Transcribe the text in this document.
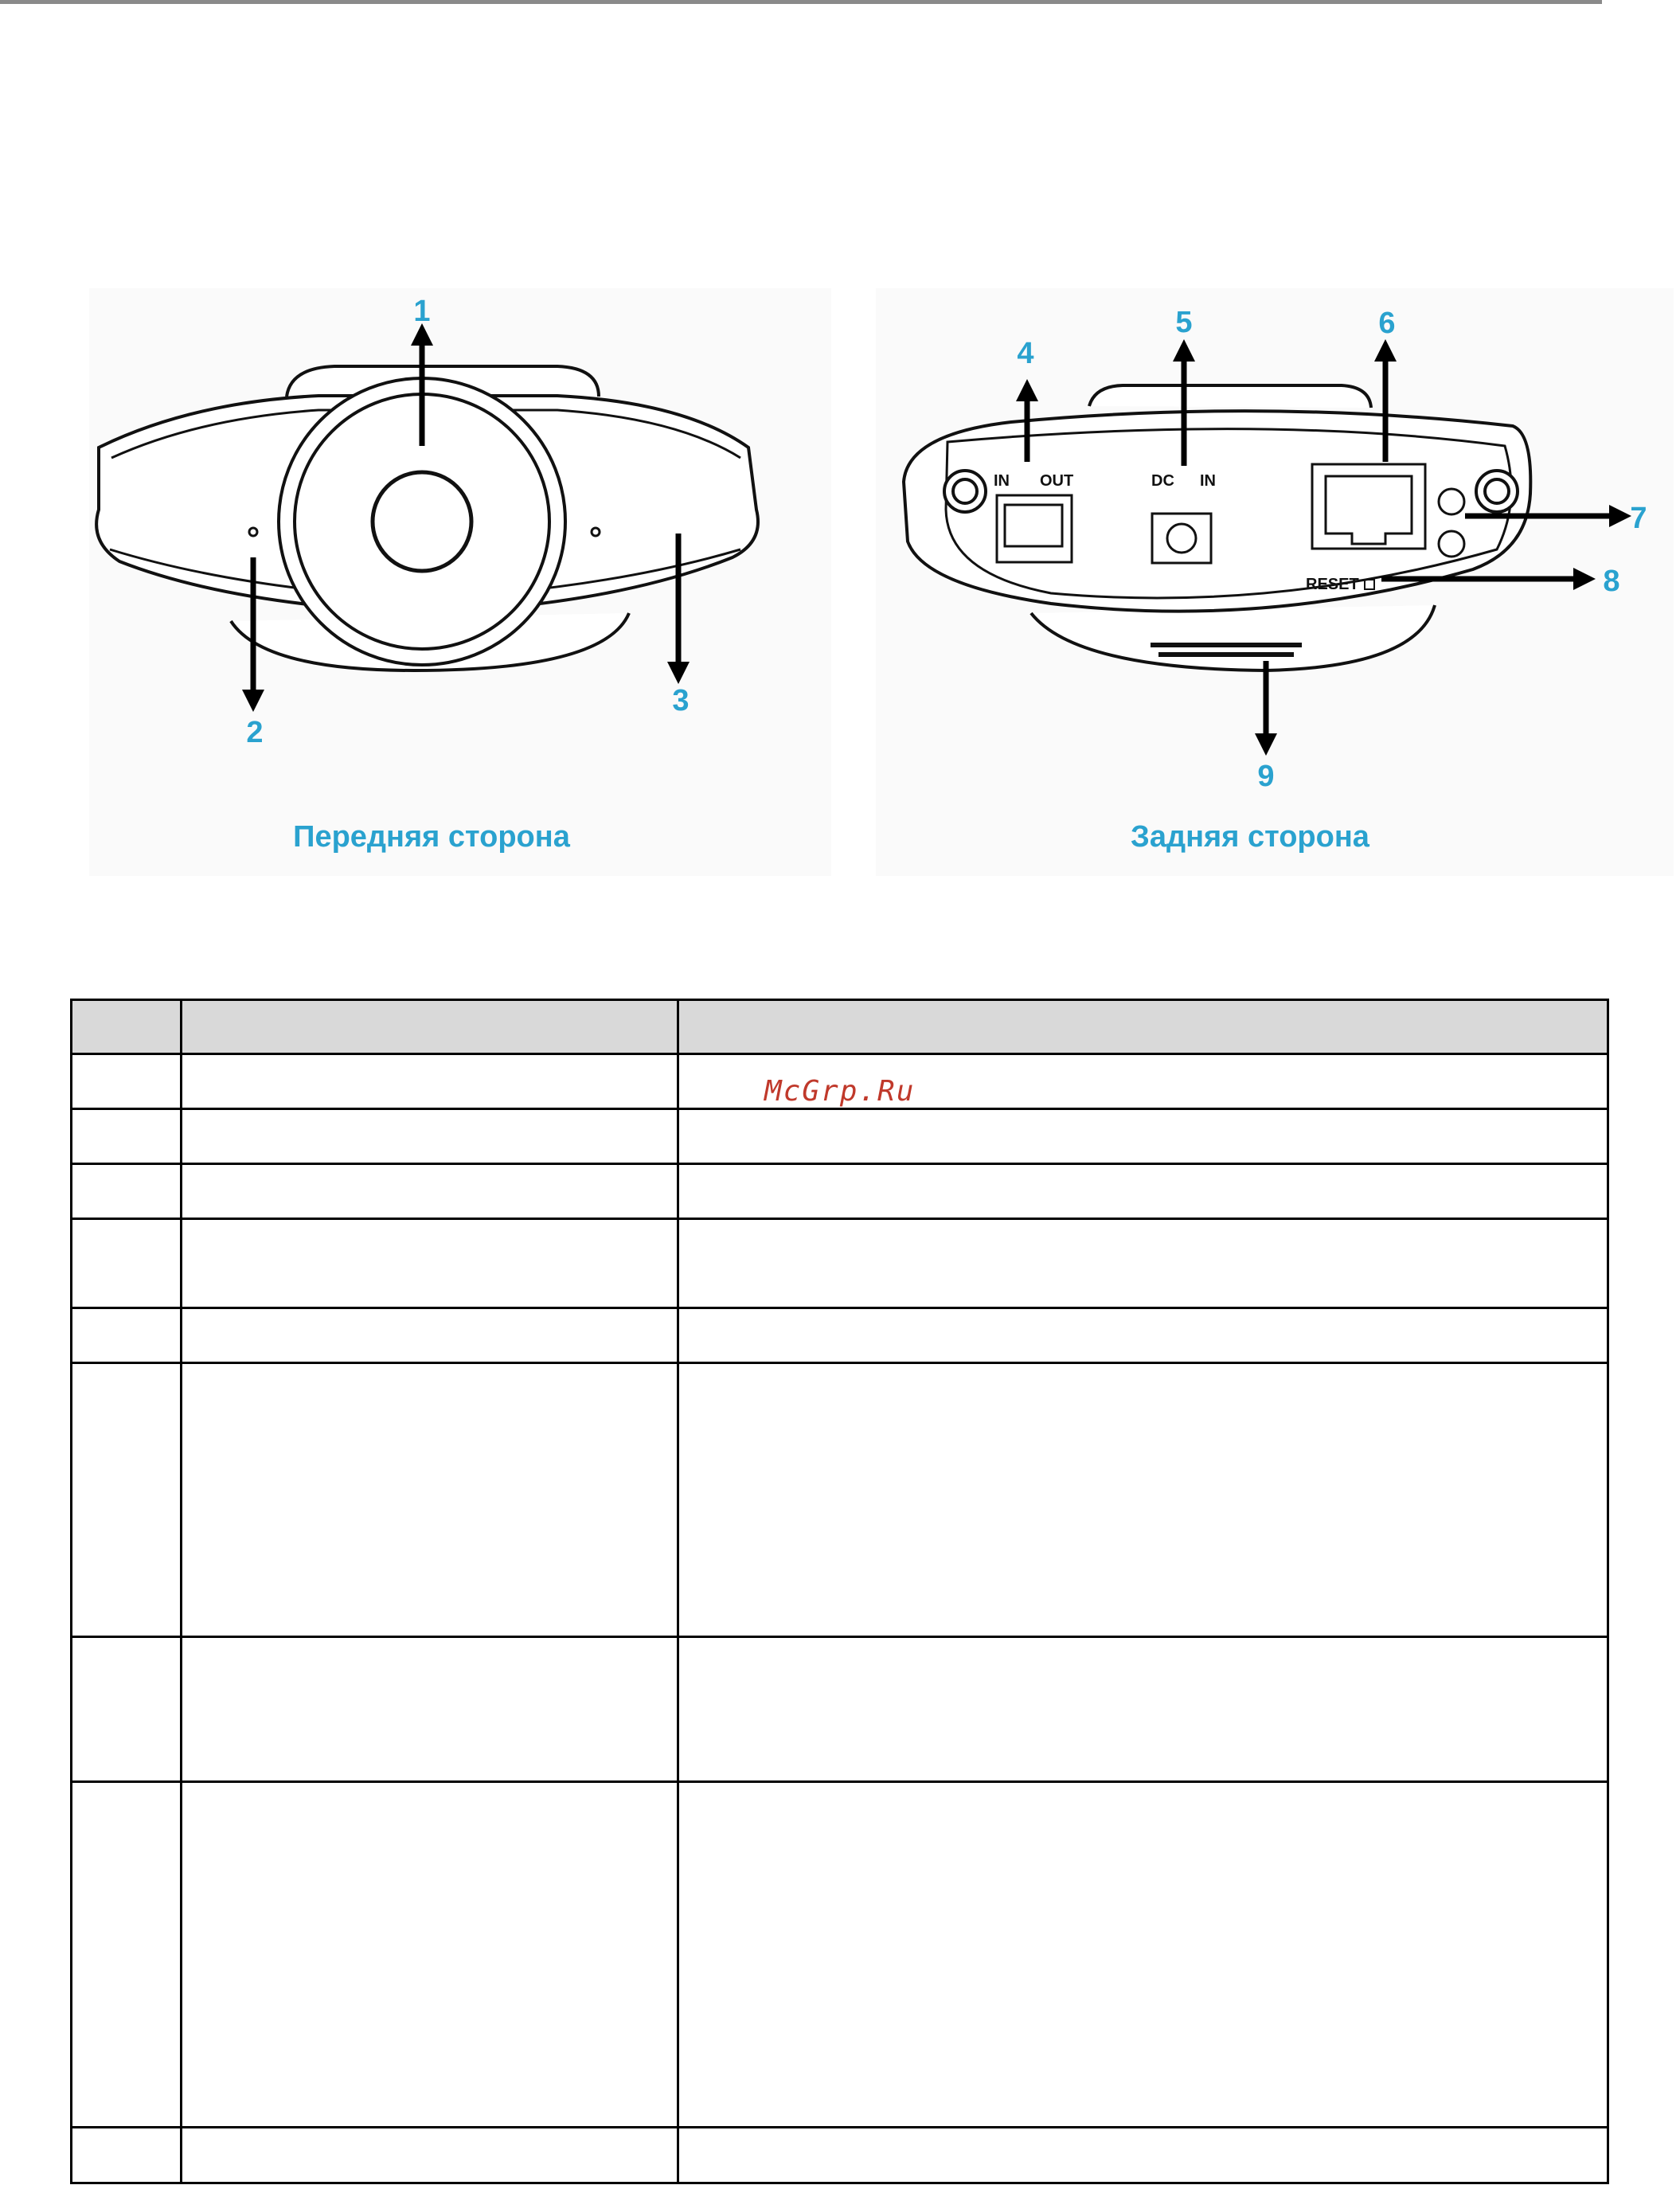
IN OUT	DC IN
RESET
1
2
3
4
5	6
7
8
9
Передняя сторона	Задняя сторона

McGrp.Ru
